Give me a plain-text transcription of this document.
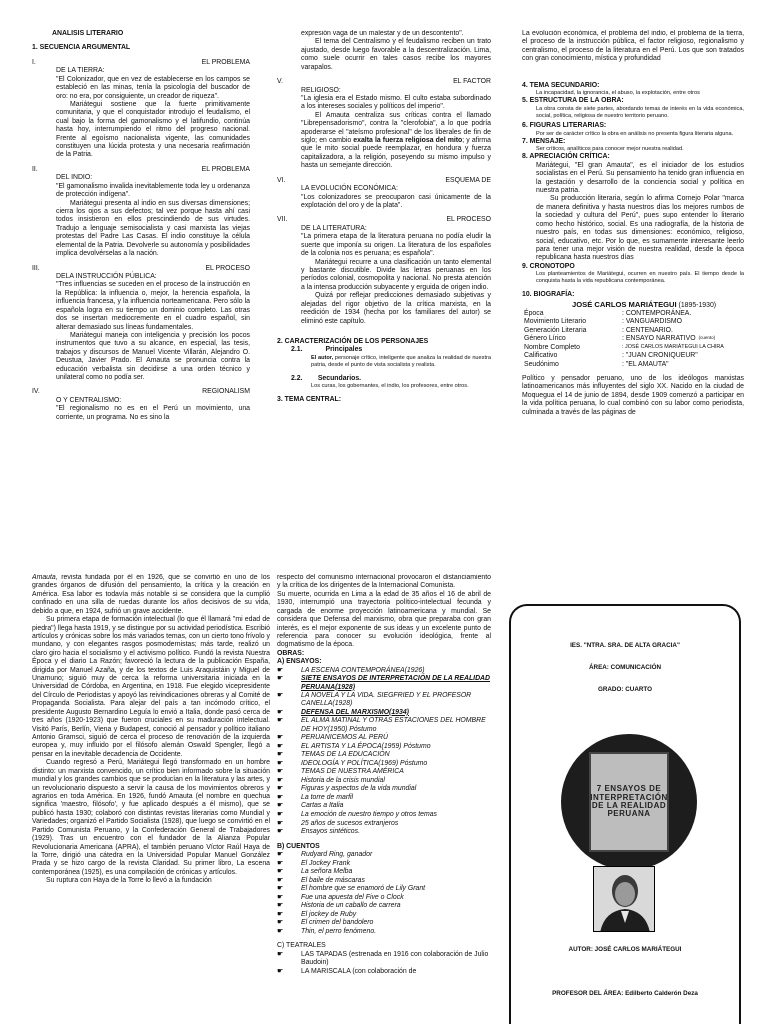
ANÁLISIS LITERARIO
1. SECUENCIA ARGUMENTAL
I.	EL PROBLEMA
DE LA TIERRA:

"El Colonizador, que en vez de establecerse en los campos se estableció en las minas, tenía la psicología del buscador de oro: no era, por consiguiente, un creador de riqueza".

Mariátegui sostiene que la fuerte primitivamente comunitaria, y que el conquistador introdujo el feudalismo, el cual bajo la forma del gamonalismo y el latifundio, continúa hasta hoy, interrumpiendo el ritmo del progreso nacional. Frente al egoísmo nacionalista vigente, las comunidades constituyen una lúcida protesta y una necesaria reafirmación de la Patria.

II.	EL PROBLEMA
DEL INDIO:

"El gamonalismo invalida inevitablemente toda ley u ordenanza de protección indígena".

Mariátegui presenta al indio en sus diversas dimensiones; cierra los ojos a sus defectos; tal vez porque hasta ahí casi todos insistieron en ellos prescindiendo de sus virtudes. Tradujo a lenguaje semisocialista y casi marxista las viejas protestas del Padre Las Casas. El indio constituye la célula elemental de la Patria. Devolverle su autonomía y posibilidades implica devolvérselas a la nación.

III.	EL PROCESO
DELA INSTRUCCIÓN PÚBLICA:

"Tres influencias se suceden en el proceso de la instrucción en la República: la influencia o, mejor, la herencia española, la influencia francesa, y la influencia norteamericana. Pero sólo la española logra en su tiempo un dominio completo. Las otras dos se insertan mediocremente en el cuadro español, sin alterar demasiado sus líneas fundamentales.

Mariátegui maneja con inteligencia y precisión los pocos instrumentos que tuvo a su alcance, en especial, las tesis, trabajos y discursos de Manuel Vicente Villarán, Alejandro O. Deustua, Javier Prado. El Amauta se pronuncia contra la educación verbalista sin decidirse a una orden técnico y unilateral como no podía ser.

IV.	REGIONALISM
O Y CENTRALISMO:

"El regionalismo no es en el Perú un movimiento, una corriente, un programa. No es sino la

expresión vaga de un malestar y de un descontento".

El tema del Centralismo y el feudalismo reciben un trato ajustado, desde luego favorable a la descentralización. Lima, como suele ocurrir en tales casos recibe los mayores varapalos.

V.	EL FACTOR
RELIGIOSO:

"La iglesia era el Estado mismo. El culto estaba subordinado a los intereses sociales y políticos del imperio".

El Amauta centraliza sus críticas contra el llamado "Librepensadorismo", contra la "clerofobia", a lo que podría apoderarse el "ateísmo profesional" de los liberales de fin de siglo; en cambio exalta la fuerza religiosa del mito; y afirma que le mito social puede reemplazar, en hondura y fuerza capitalizadora, a la religión, poseyendo su mismo impulso y hasta un semejante dirección.

VI.	ESQUEMA DE
LA EVOLUCIÓN ECONÓMICA:

"Los colonizadores se preocuparon casi únicamente de la explotación del oro y de la plata".

VII.	EL PROCESO
DE LA LITERATURA:

"La primera etapa de la literatura peruana no podía eludir la suerte que imponía su origen. La literatura de los españoles de la colonia nos es peruana; es española".

Mariátegui recurre a una clasificación un tanto elemental y bastante discutible. Divide las letras peruanas en los períodos colonial, cosmopolita y nacional. No presta atención a la intensa producción subyacente y erguida de origen indio.

Quizá por reflejar predicciones demasiado subjetivas y alejadas del rigor objetivo de la crítica marxista, en la reedición de 1934 (hecha por los familiares del autor) se eliminó este capítulo.

2. CARACTERIZACIÓN DE LOS PERSONAJES
2.1.	Principales

El autor, personaje crítico, inteligente que analiza la realidad de nuestra patria, desde el punto de vista socialista y realista.

2.2. Secundarios.

Los curas, los gobernantes, el indio, los profesores, entre otros.

3. TEMA CENTRAL:

La evolución económica, el problema del indio, el problema de la tierra, el proceso de la instrucción pública, el factor religioso, regionalismo y centralismo, el proceso de la literatura en el Perú. Los que son tratados con gran conocimiento, mística y profundidad

4. TEMA SECUNDARIO:

La incapacidad, la ignorancia, el abuso, la explotación, entre otros

5. ESTRUCTURA DE LA OBRA:

La obra consta de siete partes, abordando temas de interés en la vida económica, social, política, religiosa de nuestro territorio peruano.

6. FIGURAS LITERARIAS:

Por ser de carácter crítico la obra en análisis no presenta figura literaria alguna.

7. MENSAJE:

Ser críticos, analíticos para conocer mejor nuestra realidad.

8. APRECIACIÓN CRÍTICA:

Mariátegui, "El gran Amauta", es el iniciador de los estudios socialistas en el Perú. Su pensamiento ha tenido gran influencia en la gestación y desarrollo de la conciencia social y política en nuestra patria.

Su producción literaria, según lo afirma Cornejo Polar "marca de manera definitiva y hasta nuestros días los mejores rumbos de la sociedad y cultura del Perú", pues supo entender lo literario como hecho histórico, social. Es una radiografía, de la historia de nuestro país, en todas sus dimensiones: económico, religioso, social, educativo, etc. Por lo que, es sumamente interesante leerlo para tener una mejor visión de nuestra realidad, desde la época republicana hasta nuestros días

9. CRONOTOPO

Los planteamientos de Mariátegui, ocurren en nuestro país. El tiempo desde la conquista hasta la vida republicana contemporánea.

10. BIOGRAFÍA:
JOSÉ CARLOS MARIÁTEGUI (1895-1930)
Época	: CONTEMPORÁNEA.
Movimiento Literario	: VANGUARDISMO
Generación Literaria	: CENTENARIO.
Género Lírico	: ENSAYO NARRATIVO (cuento)
Nombre Completo	: JOSÉ CARLOS MARIÁTEGUI LA CHIRA
Calificativo	: "JUAN CRONIQUEUR"
Seudónimo	: "EL AMAUTA"

Político y pensador peruano, uno de los ideólogos marxistas latinoamericanos más influyentes del siglo XX. Nacido en la ciudad de Moquegua el 14 de junio de 1894, desde 1909 comenzó a participar en la vida política peruana, lo cual combinó con su labor como periodista, culminada a través de las páginas de

Amauta, revista fundada por él en 1926, que se convirtió en uno de los grandes órganos de difusión del pensamiento, la crítica y la creación en América. Esa labor es todavía más notable si se considera que la cumplió confinado en una silla de ruedas durante los años decisivos de su vida, debido a que, en 1924, sufrió un grave accidente.

Su primera etapa de formación intelectual (lo que él llamará "mi edad de piedra") llega hasta 1919, y se distingue por su actividad periodística. Escribió artículos y crónicas sobre los más variados temas, con un cierto tono frívolo y mundano, y con elegantes rasgos posmodernistas; más tarde, realizó un claro giro hacia el socialismo y el activismo político. Fundó la revista Nuestra Época y el diario La Razón; favoreció la lectura de la publicación España, dirigida por Manuel Azaña, y de los textos de Luis Araquistáin y Miguel de Unamuno; siguió muy de cerca la reforma universitaria iniciada en la Universidad de Córdoba, en Argentina, en 1918. Fue elegido vicepresidente del Círculo de Periodistas y apoyó las reivindicaciones obreras y al Comité de Propaganda Socialista. Para alejar del país a tan incómodo crítico, el presidente Augusto Bernardino Leguía lo envió a Italia, donde pasó cerca de tres años (1920-1923) que fueron cruciales en su maduración intelectual. Visitó París, Berlín, Viena y Budapest, conoció al pensador y político italiano Antonio Gramsci, siguió de cerca el proceso de renovación de la izquierda europea y, muy influido por el filósofo alemán Oswald Spengler, llegó a pensar en la inevitable decadencia de Occidente.

Cuando regresó a Perú, Mariátegui llegó transformado en un hombre distinto: un marxista convencido, un crítico bien informado sobre la situación mundial y los grandes cambios que se producían en la literatura y las artes, y un revolucionario dispuesto a servir la causa de los movimientos obreros y agrarios en toda América. En 1926, fundó Amauta (el nombre en quechua significa 'maestro, filósofo', y fue aplicado después a él mismo), que se publicó hasta 1930; colaboró con distintas revistas literarias como Mundial y Variedades; organizó el Partido Socialista (1928), que luego se convirtió en el Partido Comunista Peruano, y la Confederación General de Trabajadores (1929). Tras un encuentro con el fundador de la Alianza Popular Revolucionaria Americana (APRA), el también peruano Víctor Raúl Haya de la Torre, dirigió una cátedra en la Universidad Popular Manuel González Prada y se hizo cargo de la revista Claridad. Su primer libro, La escena contemporánea (1925), es una compilación de crónicas y artículos.

Su ruptura con Haya de la Torre lo llevó a la fundación

respecto del comunismo internacional provocaron el distanciamiento y la crítica de los dirigentes de la Internacional Comunista.

Su muerte, ocurrida en Lima a la edad de 35 años el 16 de abril de 1930, interrumpió una trayectoria político-intelectual fecunda y cargada de enorme proyección latinoamericana y mundial. Se considera que Defensa del marxismo, obra que preparaba con gran interés, es el mejor exponente de sus ideas y un excelente punto de referencia para conocer su evolución ideológica, frente al dogmatismo de la época.

OBRAS:
A) ENSAYOS:
☛	LA ESCENA CONTEMPORÁNEA(1926)
☛	SIETE ENSAYOS DE INTERPRETACIÓN DE LA REALIDAD PERUANA(1928)
☛	LA NOVELA Y LA VIDA. SIEGFRIED Y EL PROFESOR CANELLA(1928)
☛	DEFENSA DEL MARXISMO(1934)
☛	EL ALMA MATINAL Y OTRAS ESTACIONES DEL HOMBRE DE HOY(1950) Póstumo
☛	PERUANICEMOS AL PERÚ
☛	EL ARTISTA Y LA ÉPOCA(1959) Póstumo
☛	TEMAS DE LA EDUCACIÓN
☛	IDEOLOGÍA Y POLÍTICA(1969) Póstumo
☛	TEMAS DE NUESTRA AMÉRICA
☛	Historia de la crisis mundial
☛	Figuras y aspectos de la vida mundial
☛	La torre de marfil
☛	Cartas a Italia
☛	La emoción de nuestro tiempo y otros temas
☛	25 años de sucesos extranjeros
☛	Ensayos sintéticos.
B) CUENTOS
☛	Rudyard Ring, ganador
☛	El Jockey Frank
☛	La señora Melba
☛	El baile de máscaras
☛	El hombre que se enamoró de Lily Grant
☛	Fue una apuesta del Five o Clock
☛	Historia de un caballo de carrera
☛	El jockey de Ruby
☛	El crimen del bandolero
☛	Thin, el perro fenómeno.
C) TEATRALES
☛	LAS TAPADAS (estrenada en 1916 con colaboración de Julio Baudoin)
☛	LA MARISCALA (con colaboración de
IES. "NTRA. SRA. DE ALTA GRACIA"
ÁREA: COMUNICACIÓN
GRADO: CUARTO
7 ENSAYOS DE INTERPRETACIÓN DE LA REALIDAD PERUANA
AUTOR: JOSÉ CARLOS MARIÁTEGUI
PROFESOR DEL ÁREA: Edilberto Calderón Deza
